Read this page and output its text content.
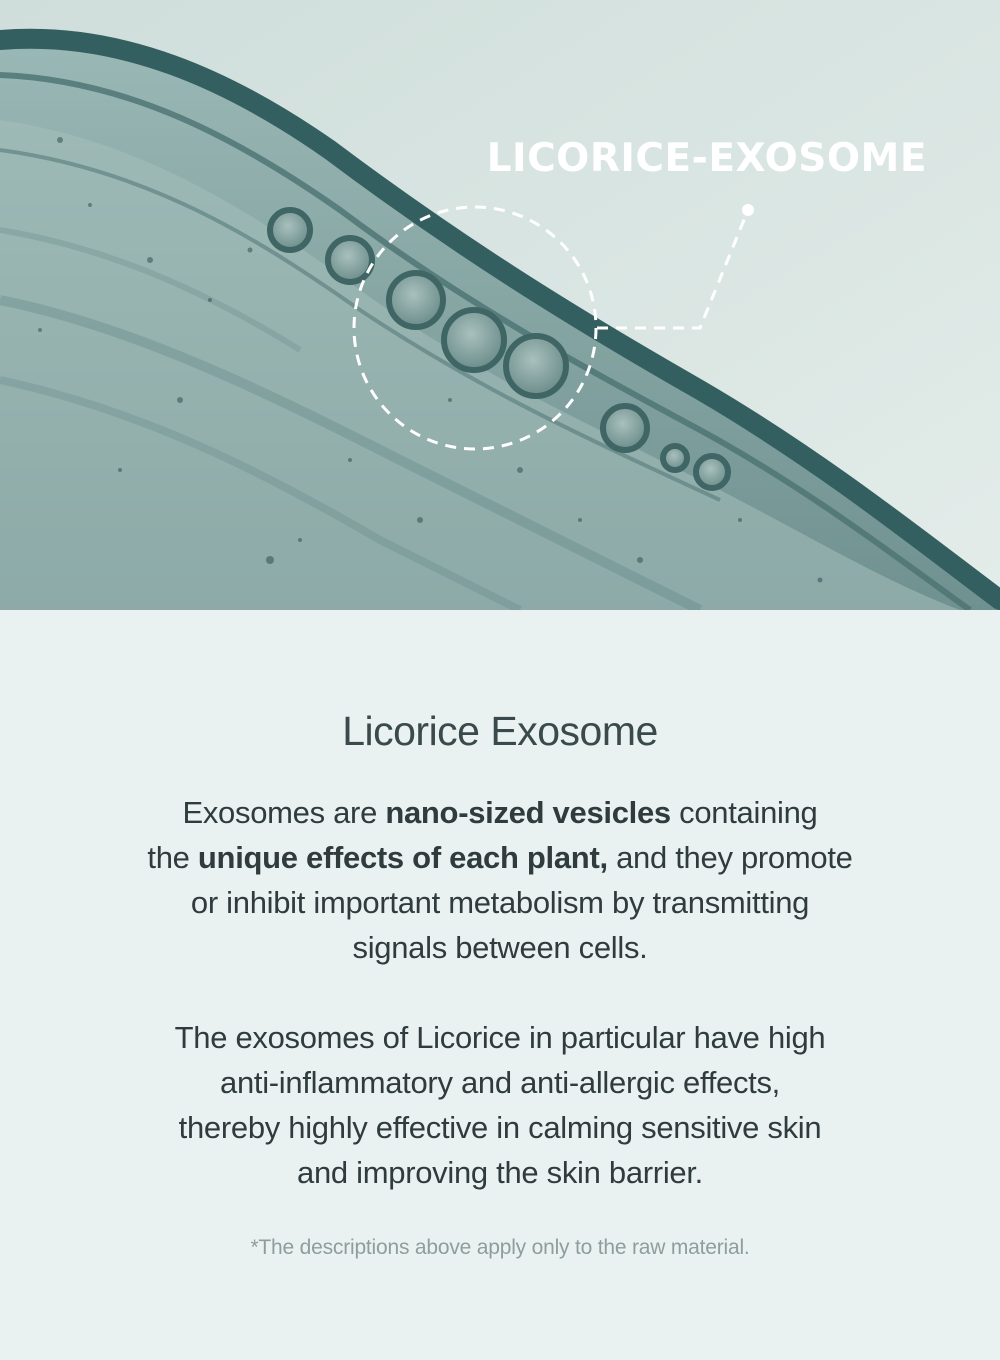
LICORICE-EXOSOME
Licorice Exosome
Exosomes are nano-sized vesicles containing
the unique effects of each plant, and they promote
or inhibit important metabolism by transmitting
signals between cells.
The exosomes of Licorice in particular have high
anti-inflammatory and anti-allergic effects,
thereby highly effective in calming sensitive skin
and improving the skin barrier.
*The descriptions above apply only to the raw material.
